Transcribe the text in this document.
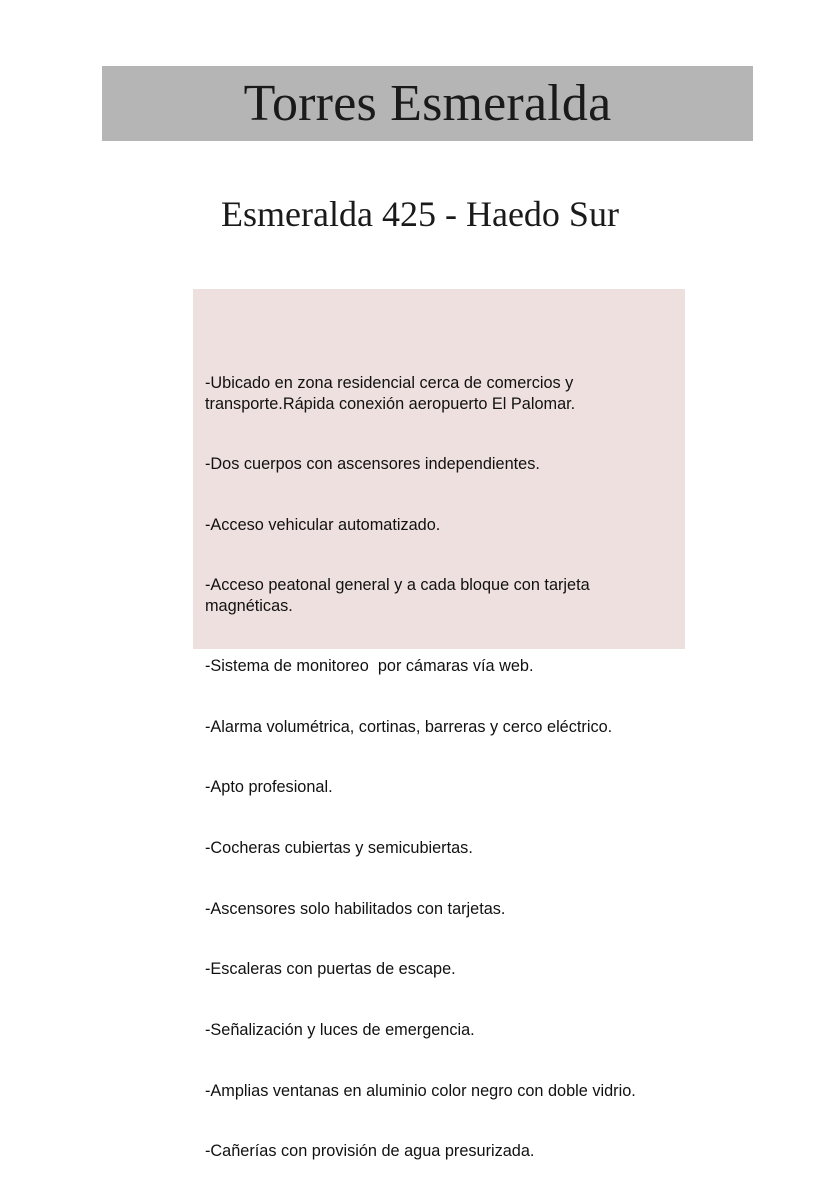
Torres Esmeralda
Esmeralda 425 - Haedo Sur

-Ubicado en zona residencial cerca de comercios y transporte.Rápida conexión aeropuerto El Palomar.

-Dos cuerpos con ascensores independientes.

-Acceso vehicular automatizado.

-Acceso peatonal general y a cada bloque con tarjeta magnéticas.

-Sistema de monitoreo  por cámaras vía web.

-Alarma volumétrica, cortinas, barreras y cerco eléctrico.

-Apto profesional.

-Cocheras cubiertas y semicubiertas.

-Ascensores solo habilitados con tarjetas.

-Escaleras con puertas de escape.

-Señalización y luces de emergencia.

-Amplias ventanas en aluminio color negro con doble vidrio.

-Cañerías con provisión de agua presurizada.
